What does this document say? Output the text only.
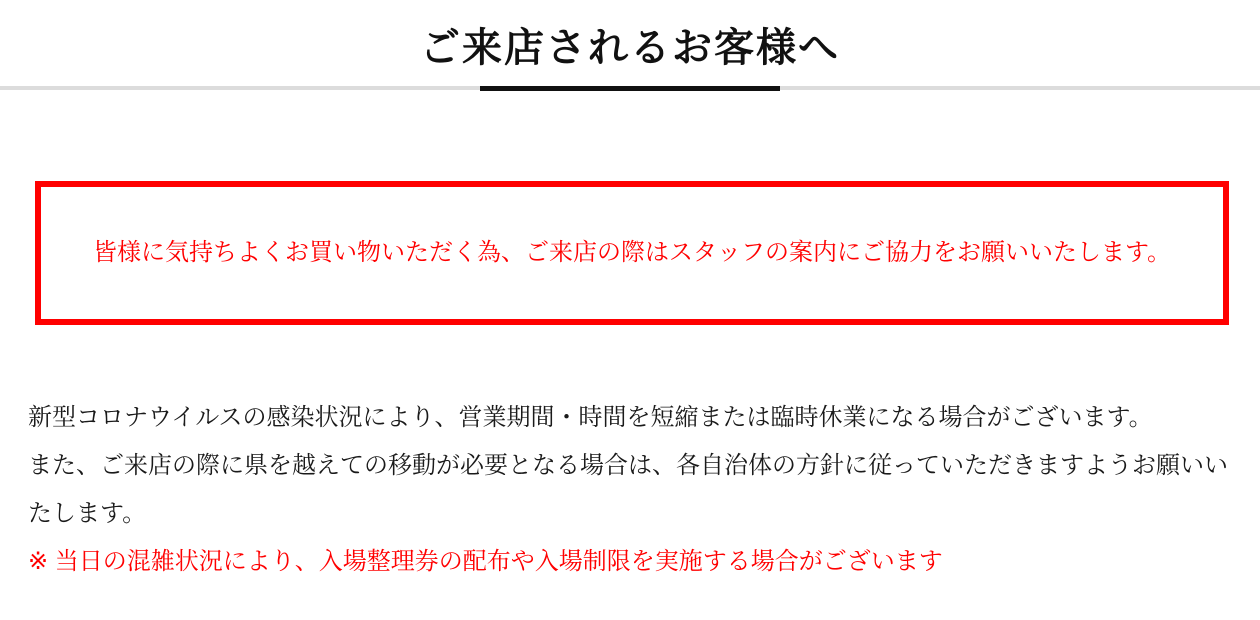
ご来店されるお客様へ

皆様に気持ちよくお買い物いただく為、ご来店の際はスタッフの案内にご協力をお願いいたします。

新型コロナウイルスの感染状況により、営業期間・時間を短縮または臨時休業になる場合がございます。
また、ご来店の際に県を越えての移動が必要となる場合は、各自治体の方針に従っていただきますようお願いい
たします。
※ 当日の混雑状況により、入場整理券の配布や入場制限を実施する場合がございます
